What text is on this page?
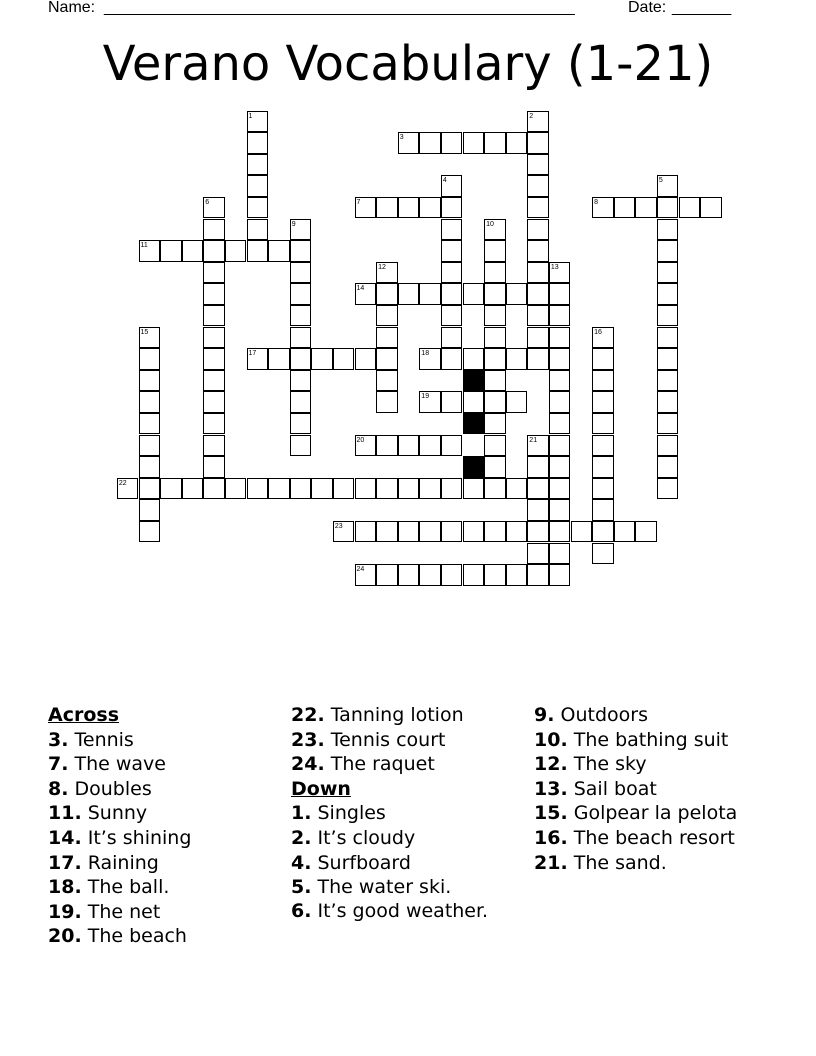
Name: ________________________________________________________	Date: _______
Verano Vocabulary (1-21)
1	2
3
4	5
6	7	8
9	10
11
12	13
14
15	16
17	18
19
20	21
22
23
24
Across
3. Tennis
7. The wave
8. Doubles
11. Sunny
14. It’s shining
17. Raining
18. The ball.
19. The net
20. The beach
22. Tanning lotion
23. Tennis court
24. The raquet
Down
1. Singles
2. It’s cloudy
4. Surfboard
5. The water ski.
6. It’s good weather.
9. Outdoors
10. The bathing suit
12. The sky
13. Sail boat
15. Golpear la pelota
16. The beach resort
21. The sand.
